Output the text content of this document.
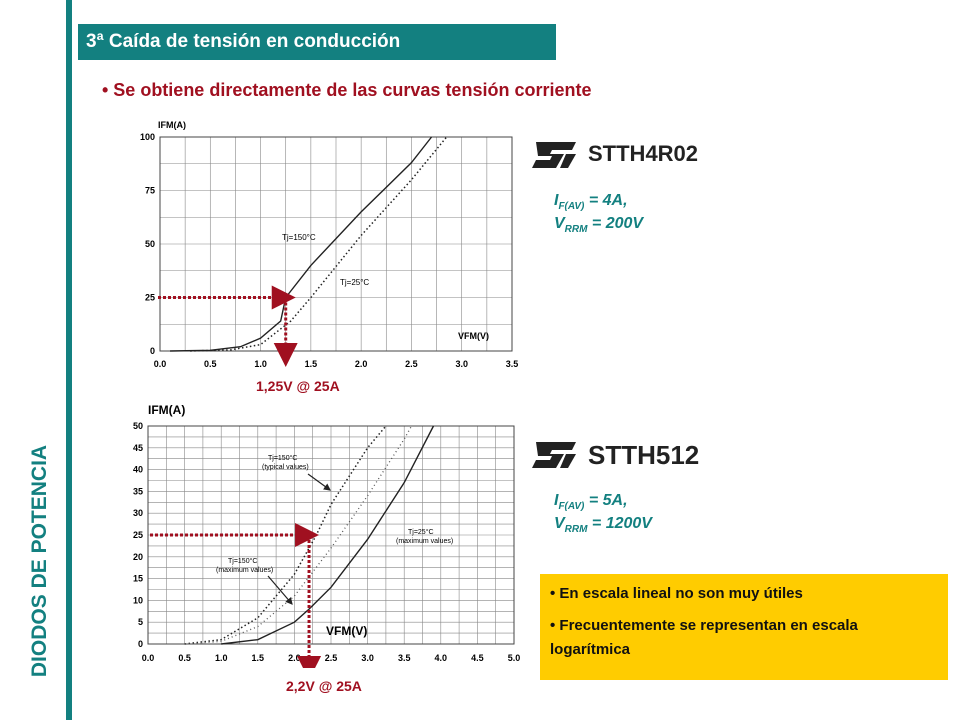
DIODOS DE POTENCIA
3ª Caída de tensión en conducción
• Se obtiene directamente de las curvas tensión corriente
0.0	0.5	1.0	1.5	2.0	2.5	3.0	3.5
0
25
50
75
100
IFM(A)
VFM(V)
Tj=150°C
Tj=25°C
0.0	0.5	1.0	1.5	2.0	2.5	3.0	3.5	4.0	4.5	5.0
0
5
10
15
20
25
30
35
40
45
50
IFM(A)
VFM(V)
Tj=150°C
(typical values)
Tj=25°C
(maximum values)
Tj=150°C
(maximum values)
1,25V @ 25A
2,2V @ 25A
STTH4R02
$I_{F(AV)} = 4A$,
$V_{RRM} = 200V$
STTH512
$I_{F(AV)} = 5A$,
$V_{RRM} = 1200V$

• En escala lineal no son muy útiles

• Frecuentemente se representan en escala logarítmica
